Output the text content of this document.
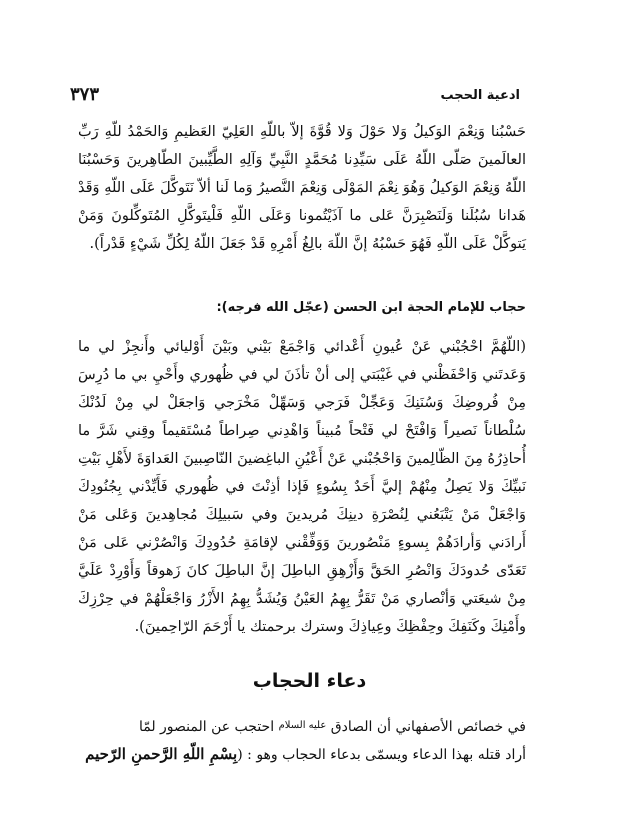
ادعية الحجب
٣٧٣
حَسْبُنا وَنِعْمَ الوَكيلُ وَلا حَوْلَ وَلا قُوَّةَ إلاّ باللّهِ العَلِيّ العَظيمِ وَالحَمْدُ للّهِ رَبِّ العالَمينَ صَلّى اللّهُ عَلَى سَيِّدِنا مُحَمَّدٍ النَّبِيِّ وَآلِهِ الطَّيِّبينَ الطّاهِرينَ وَحَسْبُنَا اللّهُ وَنِعْمَ الوَكيلُ وَهُوَ نِعْمَ المَوْلَى وَنِعْمَ النَّصيرُ وَما لَنا ألاّ نَتَوكَّلَ عَلَى اللّهِ وَقَدْ هَدانا سُبُلَنا وَلَنَصْبِرَنَّ عَلى ما آذَيْتُمونا وَعَلَى اللّهِ فَلْيتَوكَّلِ المُتَوكِّلونَ وَمَنْ يَتوكَّلْ عَلَى اللّهِ فَهُوَ حَسْبُهُ إنَّ اللّهَ بالِغُ أَمْرِهِ قَدْ جَعَلَ اللّهُ لِكُلِّ شَيْءٍ قَدْراً).
حجاب للإمام الحجة ابن الحسن (عجّل الله فرجه):
(اللّهُمَّ احْجُبْني عَنْ عُيونِ أَعْدائي وَاجْمَعْ بَيْني وبَيْنَ أَوْليائي وأَنجِزْ لي ما وَعَدتَني وَاحْفَظْني في غَيْبَتي إلى أنْ تأذَنَ لي في ظُهوري وأَحْيِ بي ما دُرِسَ مِنْ فُروضِكَ وَسُنَنِكَ وَعَجِّلْ فَرَجي وَسَهِّلْ مَخْرَجي وَاجعَلْ لي مِنْ لَدُنْكَ سُلْطاناً نَصيراً وَافْتَحْ لي فَتْحاً مُبيناً وَاهْدِني صِراطاً مُسْتَقيماً وقِني شَرَّ ما أُحاذِرُهُ مِنَ الظّالِمينَ وَاحْجُبْني عَنْ أَعْيُنِ الباغِضينَ النّاصِبينَ العَداوَةَ لأَهْلِ بَيْتِ نَبيِّكَ وَلا يَصِلُ مِنْهُمْ إليَّ أَحَدٌ بِسُوءٍ فَإذا أذِنْتَ في ظُهوري فَأَيِّدْني بِجُنُودِكَ وَاجْعَلْ مَنْ يَتْبَعُني لِنُصْرَةِ دينِكَ مُريدينَ وفي سَبيلِكَ مُجاهِدينَ وَعَلى مَنْ أَرادَني وَأرادَهُمْ بِسوءٍ مَنْصُورينَ وَوَفِّقْني لإقامَةِ حُدُودِكَ وَانْصُرْني عَلى مَنْ تَعَدّى حُدودَكَ وَانْصُرِ الحَقَّ وَأَزْهِقِ الباطِلَ إنَّ الباطِلَ كانَ زَهوقاً وَأَوْرِدْ عَلَيَّ مِنْ شيعَتي وَأنْصاري مَنْ تَقَرُّ بِهِمُ العَيْنُ وَيُشَدُّ بِهِمُ الأَزْرُ وَاجْعَلْهُمْ في حِرْزِكَ وأَمْنِكَ وكَنَفِكَ وحِفْظِكَ وعِياذِكَ وسترك برحمتك يا أَرْحَمَ الرّاحِمينَ).
دعاء الحجاب

في خصائص الأصفهاني أن الصادق $^{عليه السلام}$ احتجب عن المنصور لمّا

أراد قتله بهذا الدعاء ويسمّى بدعاء الحجاب وهو : (بِسْمِ اللّهِ الرَّحمنِ الرّحيم
